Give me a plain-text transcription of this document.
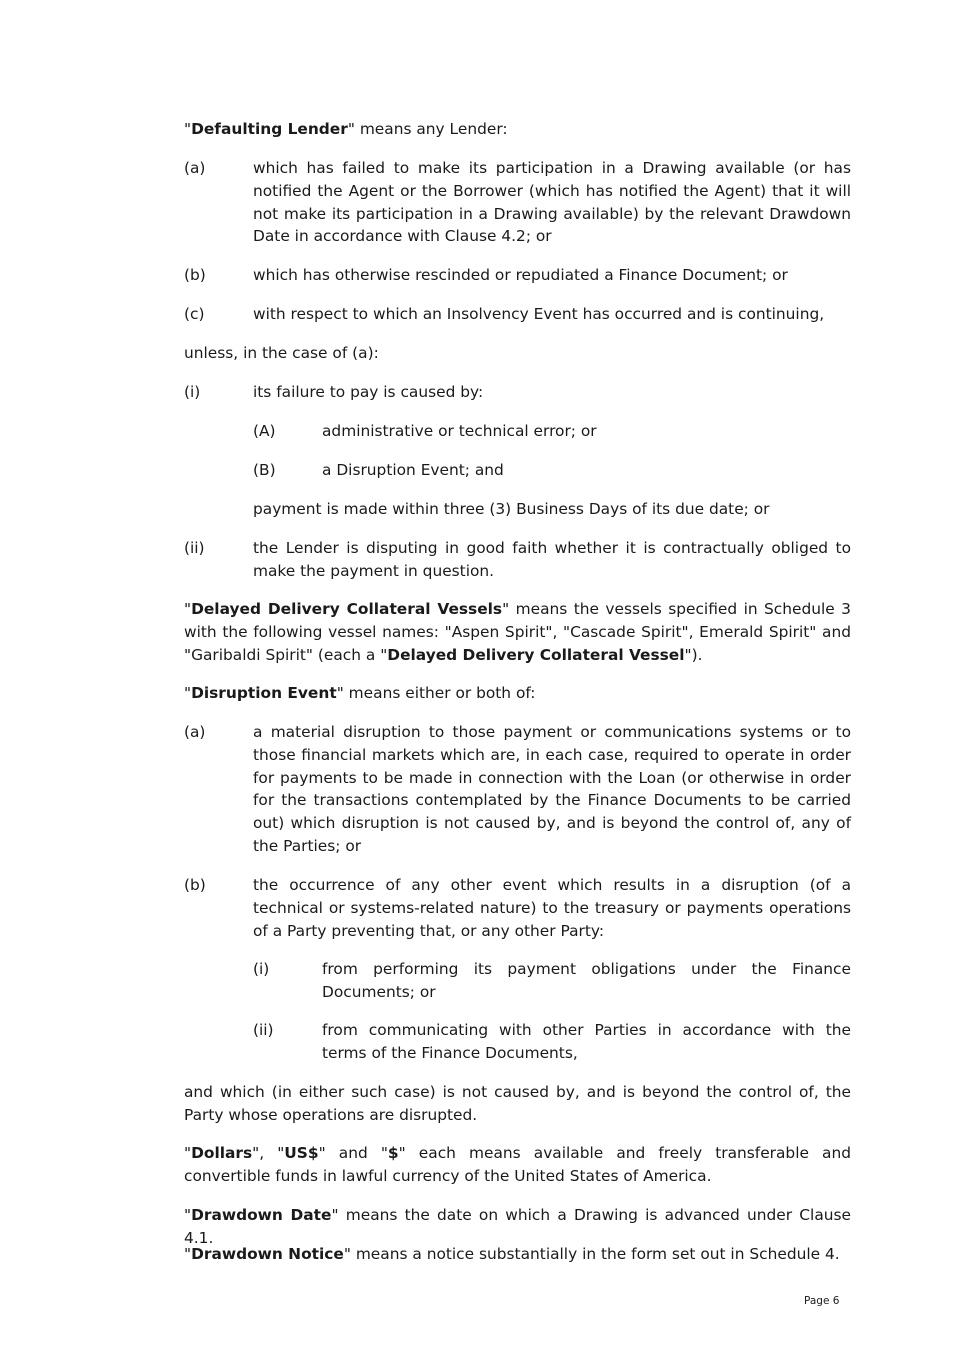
"Defaulting Lender" means any Lender:

(a)	which has failed to make its participation in a Drawing available (or has notified the Agent or the Borrower (which has notified the Agent) that it will not make its participation in a Drawing available) by the relevant Drawdown Date in accordance with Clause 4.2; or
(b)	which has otherwise rescinded or repudiated a Finance Document; or
(c)	with respect to which an Insolvency Event has occurred and is continuing,

unless, in the case of (a):

(i)	its failure to pay is caused by:
(A)	administrative or technical error; or
(B)	a Disruption Event; and
payment is made within three (3) Business Days of its due date; or
(ii)	the Lender is disputing in good faith whether it is contractually obliged to make the payment in question.

"Delayed Delivery Collateral Vessels" means the vessels specified in Schedule 3 with the following vessel names: "Aspen Spirit", "Cascade Spirit", Emerald Spirit" and "Garibaldi Spirit" (each a "Delayed Delivery Collateral Vessel").

"Disruption Event" means either or both of:

(a)	a material disruption to those payment or communications systems or to those financial markets which are, in each case, required to operate in order for payments to be made in connection with the Loan (or otherwise in order for the transactions contemplated by the Finance Documents to be carried out) which disruption is not caused by, and is beyond the control of, any of the Parties; or
(b)	the occurrence of any other event which results in a disruption (of a technical or systems-related nature) to the treasury or payments operations of a Party preventing that, or any other Party:
(i)	from performing its payment obligations under the Finance Documents; or
(ii)	from communicating with other Parties in accordance with the terms of the Finance Documents,

and which (in either such case) is not caused by, and is beyond the control of, the Party whose operations are disrupted.

"Dollars", "US$" and "$" each means available and freely transferable and convertible funds in lawful currency of the United States of America.

"Drawdown Date" means the date on which a Drawing is advanced under Clause 4.1.

"Drawdown Notice" means a notice substantially in the form set out in Schedule 4.

Page 6
